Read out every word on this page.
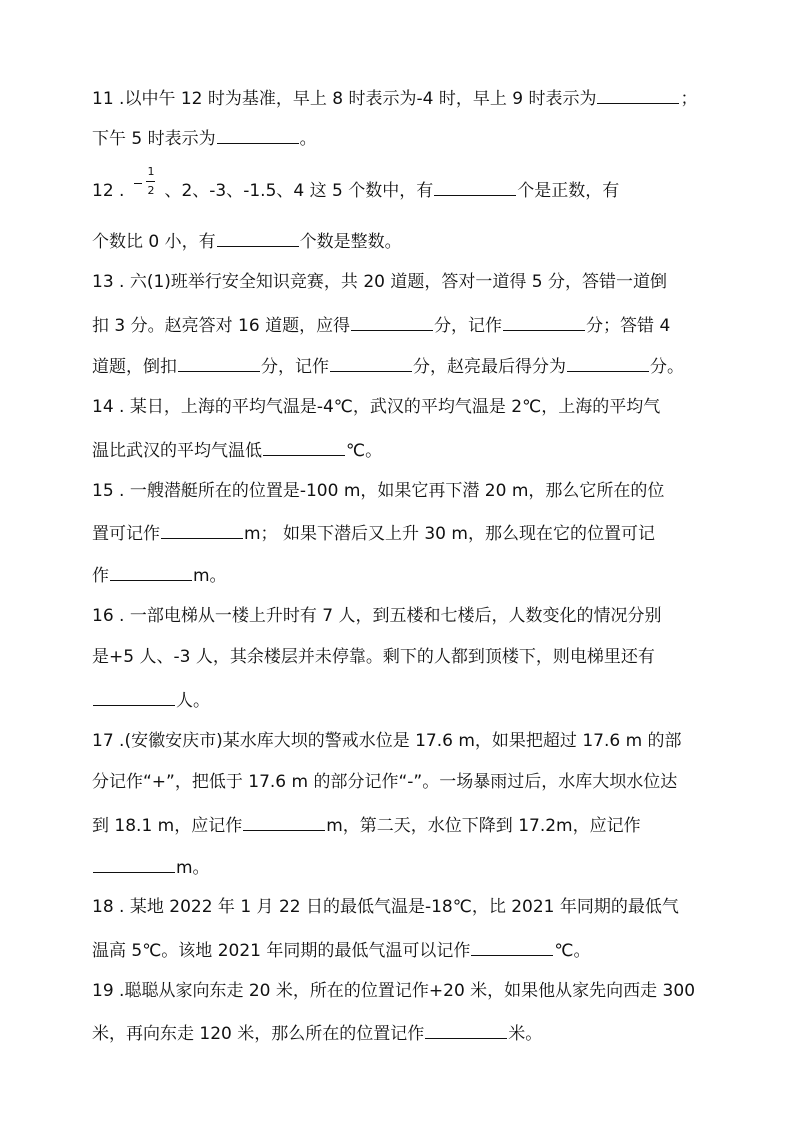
11 .以中午 12 时为基准，早上 8 时表示为-4 时，早上 9 时表示为	；
下午 5 时表示为	。
12 . $\frac{1}{2}$ 、2、-3、-1.5、4 这 5 个数中，有	个是正数，有
个数比 0 小，有	个数是整数。
13 . 六(1)班举行安全知识竞赛，共 20 道题，答对一道得 5 分，答错一道倒
扣 3 分。赵亮答对 16 道题，应得	分，记作	分；答错 4
道题，倒扣	分，记作	分，赵亮最后得分为	分。
14 . 某日，上海的平均气温是-4℃，武汉的平均气温是 2℃，上海的平均气
温比武汉的平均气温低	℃。
15 . 一艘潜艇所在的位置是-100 m，如果它再下潜 20 m，那么它所在的位
置可记作	m； 如果下潜后又上升 30 m，那么现在它的位置可记
作	m。
16 . 一部电梯从一楼上升时有 7 人，到五楼和七楼后，人数变化的情况分别
是+5 人、-3 人，其余楼层并未停靠。剩下的人都到顶楼下，则电梯里还有
人。
17 .(安徽安庆市)某水库大坝的警戒水位是 17.6 m，如果把超过 17.6 m 的部
分记作“+”，把低于 17.6 m 的部分记作“-”。一场暴雨过后，水库大坝水位达
到 18.1 m，应记作	m，第二天，水位下降到 17.2m，应记作
m。
18 . 某地 2022 年 1 月 22 日的最低气温是-18℃，比 2021 年同期的最低气
温高 5℃。该地 2021 年同期的最低气温可以记作	℃。
19 .聪聪从家向东走 20 米，所在的位置记作+20 米，如果他从家先向西走 300
米，再向东走 120 米，那么所在的位置记作	米。
